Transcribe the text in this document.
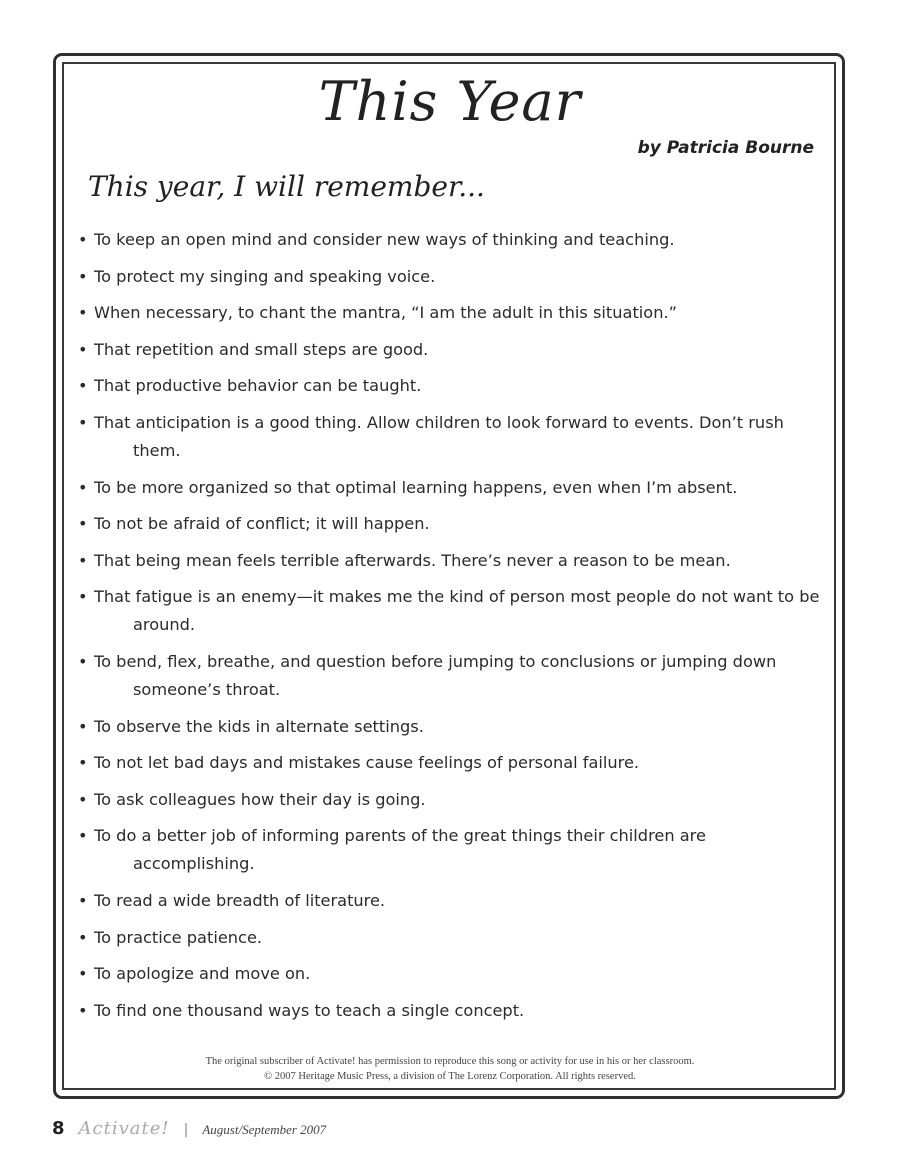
This Year
by Patricia Bourne
This year, I will remember...
• To keep an open mind and consider new ways of thinking and teaching.
• To protect my singing and speaking voice.
• When necessary, to chant the mantra, “I am the adult in this situation.”
• That repetition and small steps are good.
• That productive behavior can be taught.
• That anticipation is a good thing. Allow children to look forward to events. Don’t rush them.
• To be more organized so that optimal learning happens, even when I’m absent.
• To not be afraid of conflict; it will happen.
• That being mean feels terrible afterwards. There’s never a reason to be mean.
• That fatigue is an enemy—it makes me the kind of person most people do not want to be around.
• To bend, flex, breathe, and question before jumping to conclusions or jumping down someone’s throat.
• To observe the kids in alternate settings.
• To not let bad days and mistakes cause feelings of personal failure.
• To ask colleagues how their day is going.
• To do a better job of informing parents of the great things their children are accomplishing.
• To read a wide breadth of literature.
• To practice patience.
• To apologize and move on.
• To find one thousand ways to teach a single concept.
The original subscriber of Activate! has permission to reproduce this song or activity for use in his or her classroom.
© 2007 Heritage Music Press, a division of The Lorenz Corporation. All rights reserved.
8 Activate! | August/September 2007
